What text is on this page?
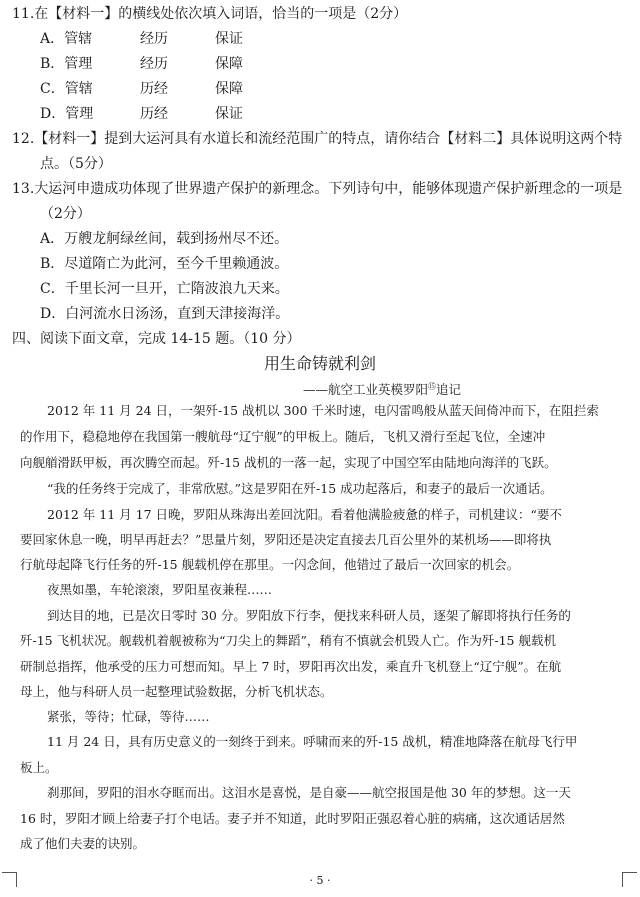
11.在【材料一】的横线处依次填入词语，恰当的一项是（2分）
A．管辖	经历	保证
B．管理	经历	保障
C．管辖	历经	保障
D．管理	历经	保证
12.【材料一】提到大运河具有水道长和流经范围广的特点，请你结合【材料二】具体说明这两个特
点。（5分）
13.大运河申遗成功体现了世界遗产保护的新理念。下列诗句中，能够体现遗产保护新理念的一项是
（2分）
A．万艘龙舸绿丝间，载到扬州尽不还。
B．尽道隋亡为此河，至今千里赖通波。
C．千里长河一旦开，亡隋波浪九天来。
D．白河流水日汤汤，直到天津接海洋。
四、阅读下面文章，完成 14-15 题。（10 分）
用生命铸就利剑
——航空工业英模罗阳⑮追记
2012 年 11 月 24 日，一架歼-15 战机以 300 千米时速，电闪雷鸣般从蓝天间倚冲而下，在阻拦索
的作用下，稳稳地停在我国第一艘航母“辽宁舰”的甲板上。随后，飞机又滑行至起飞位，全速冲
向舰艏滑跃甲板，再次腾空而起。歼-15 战机的一落一起，实现了中国空军由陆地向海洋的飞跃。
“我的任务终于完成了，非常欣慰。”这是罗阳在歼-15 成功起落后，和妻子的最后一次通话。
2012 年 11 月 17 日晚，罗阳从珠海出差回沈阳。看着他满脸疲惫的样子，司机建议：“要不
要回家休息一晚，明早再赶去？”思量片刻，罗阳还是决定直接去几百公里外的某机场——即将执
行航母起降飞行任务的歼-15 舰载机停在那里。一闪念间，他错过了最后一次回家的机会。
夜黑如墨，车轮滚滚，罗阳星夜兼程……
到达目的地，已是次日零时 30 分。罗阳放下行李，便找来科研人员，逐架了解即将执行任务的
歼-15 飞机状况。舰载机着舰被称为“刀尖上的舞蹈”，稍有不慎就会机毁人亡。作为歼-15 舰载机
研制总指挥，他承受的压力可想而知。早上 7 时，罗阳再次出发，乘直升飞机登上“辽宁舰”。在航
母上，他与科研人员一起整理试验数据，分析飞机状态。
紧张，等待；忙碌，等待……
11 月 24 日，具有历史意义的一刻终于到来。呼啸而来的歼-15 战机，精准地降落在航母飞行甲
板上。
刹那间，罗阳的泪水夺眶而出。这泪水是喜悦，是自豪——航空报国是他 30 年的梦想。这一天
16 时，罗阳才顾上给妻子打个电话。妻子并不知道，此时罗阳正强忍着心脏的病痛，这次通话居然
成了他们夫妻的诀别。
· 5 ·
